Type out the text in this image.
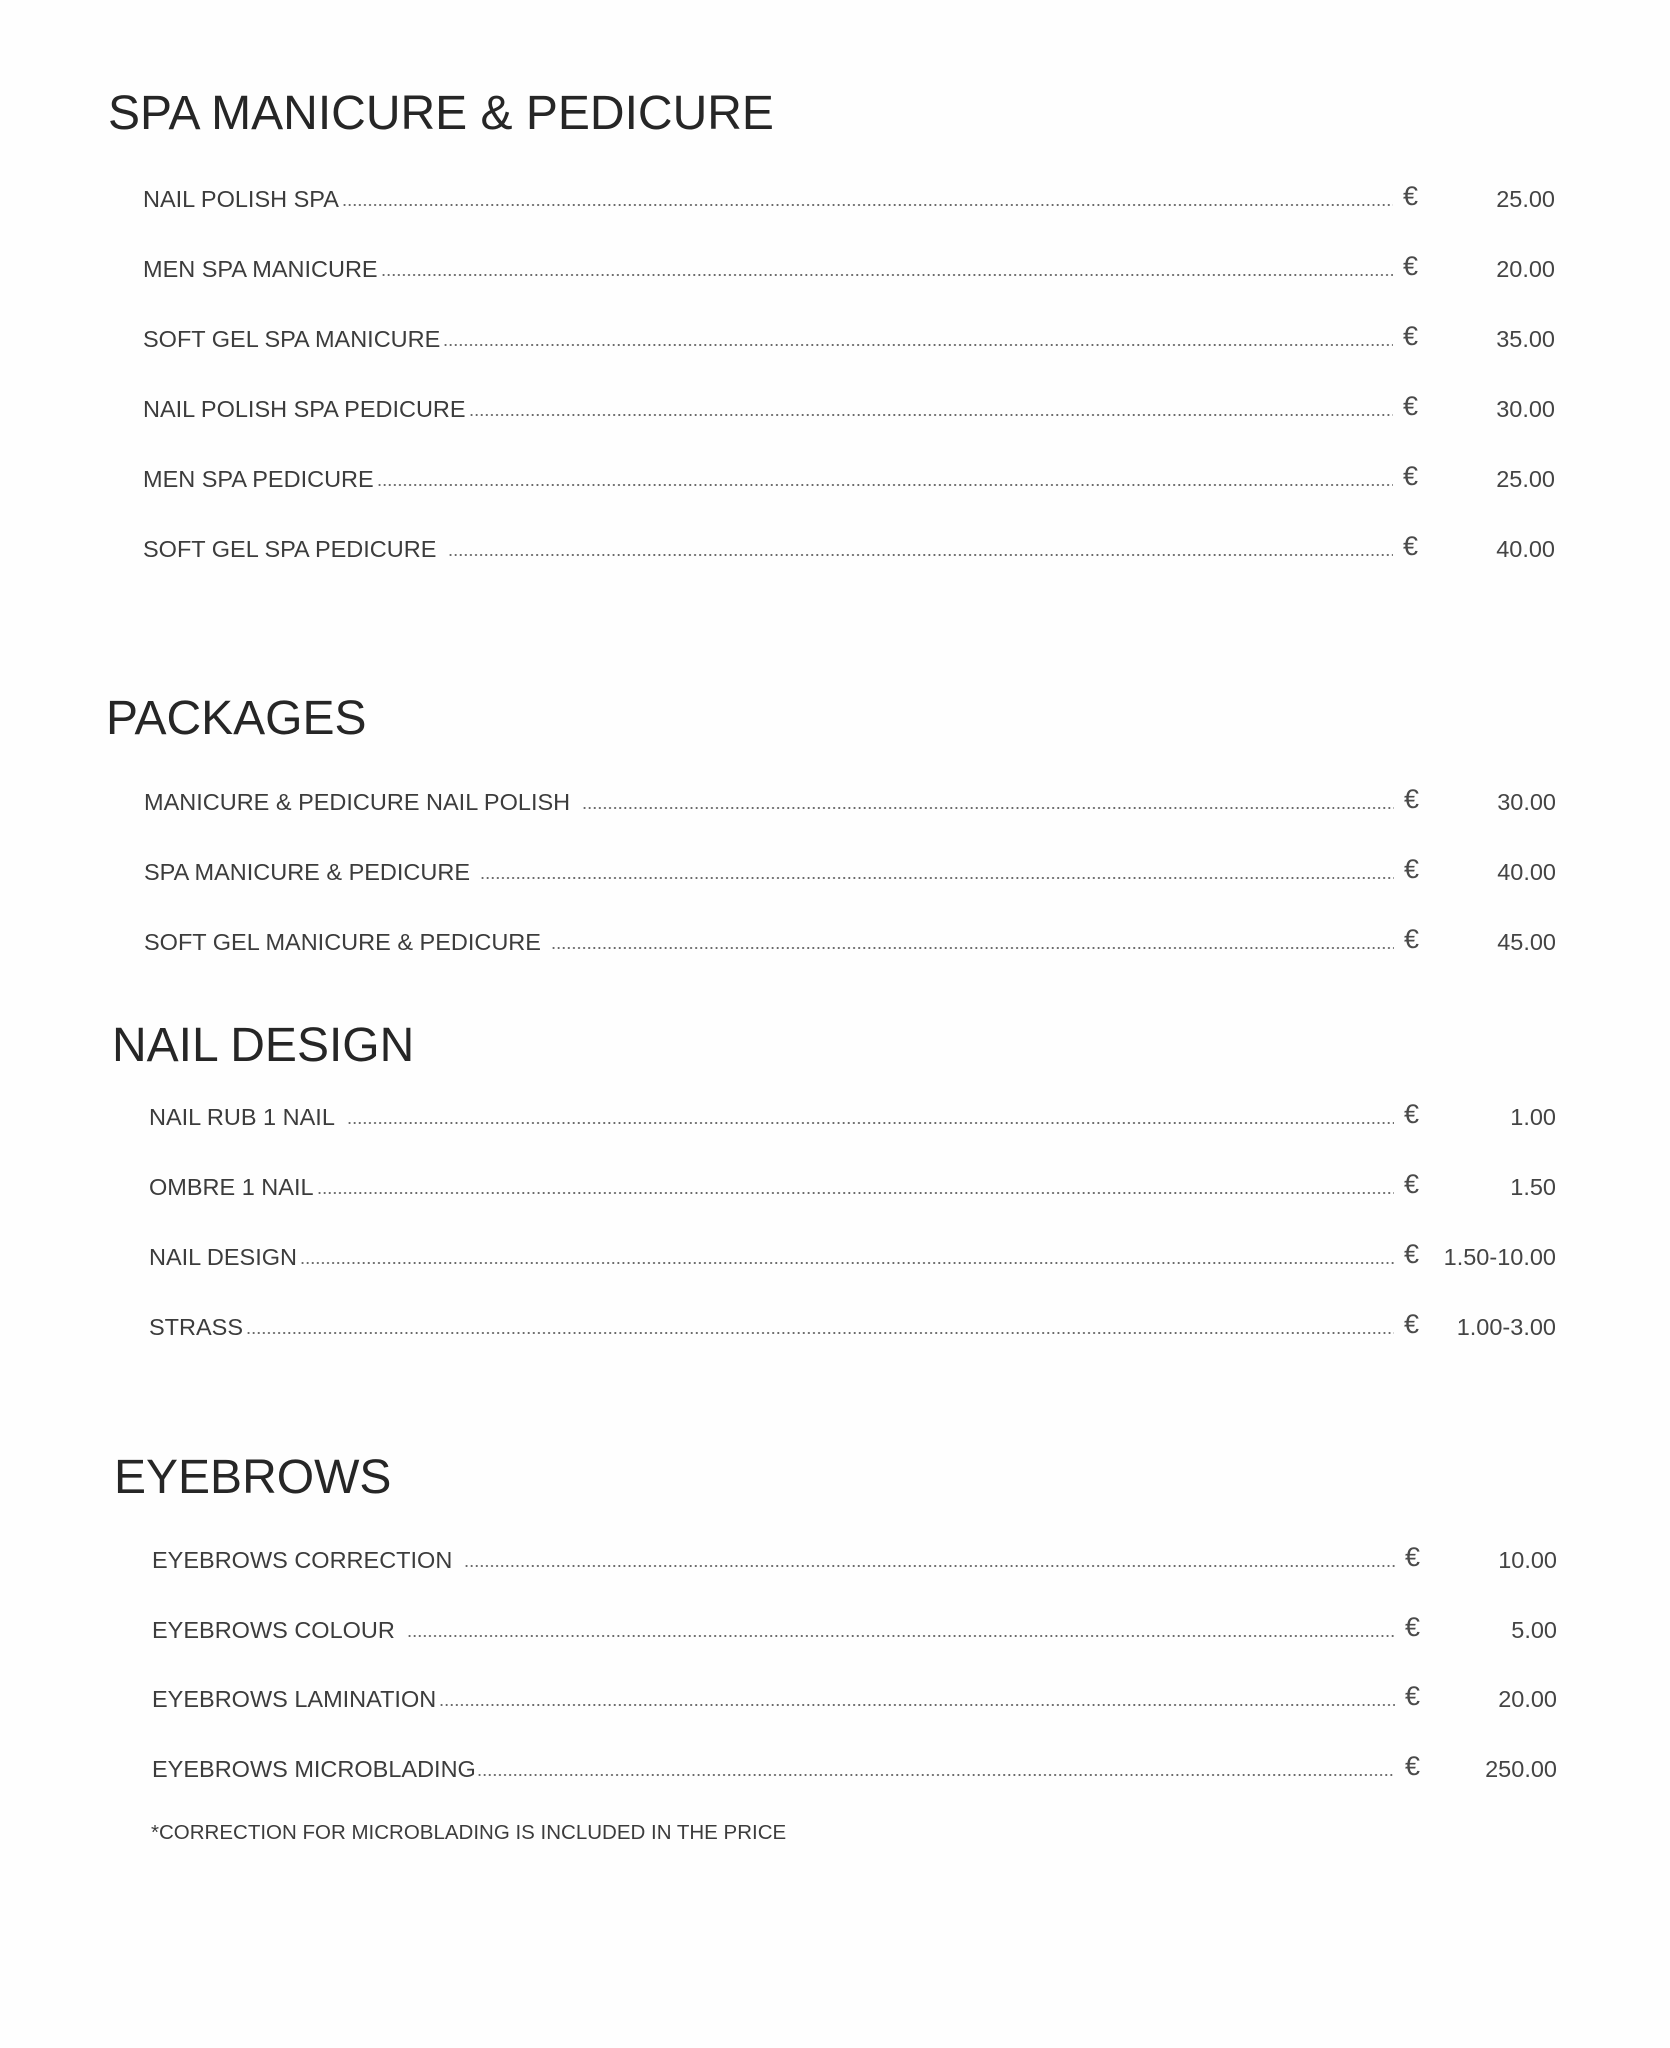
SPA MANICURE & PEDICURE
NAIL POLISH SPA	€	25.00
MEN SPA MANICURE	€	20.00
SOFT GEL SPA MANICURE	€	35.00
NAIL POLISH SPA PEDICURE	€	30.00
MEN SPA PEDICURE	€	25.00
SOFT GEL SPA PEDICURE	€	40.00
PACKAGES
MANICURE & PEDICURE NAIL POLISH	€	30.00
SPA MANICURE & PEDICURE	€	40.00
SOFT GEL MANICURE & PEDICURE	€	45.00
NAIL DESIGN
NAIL RUB 1 NAIL	€	1.00
OMBRE 1 NAIL	€	1.50
NAIL DESIGN	€	1.50-10.00
STRASS	€	1.00-3.00
EYEBROWS
EYEBROWS CORRECTION	€	10.00
EYEBROWS COLOUR	€	5.00
EYEBROWS LAMINATION	€	20.00
EYEBROWS MICROBLADING	€	250.00
*CORRECTION FOR MICROBLADING IS INCLUDED IN THE PRICE
